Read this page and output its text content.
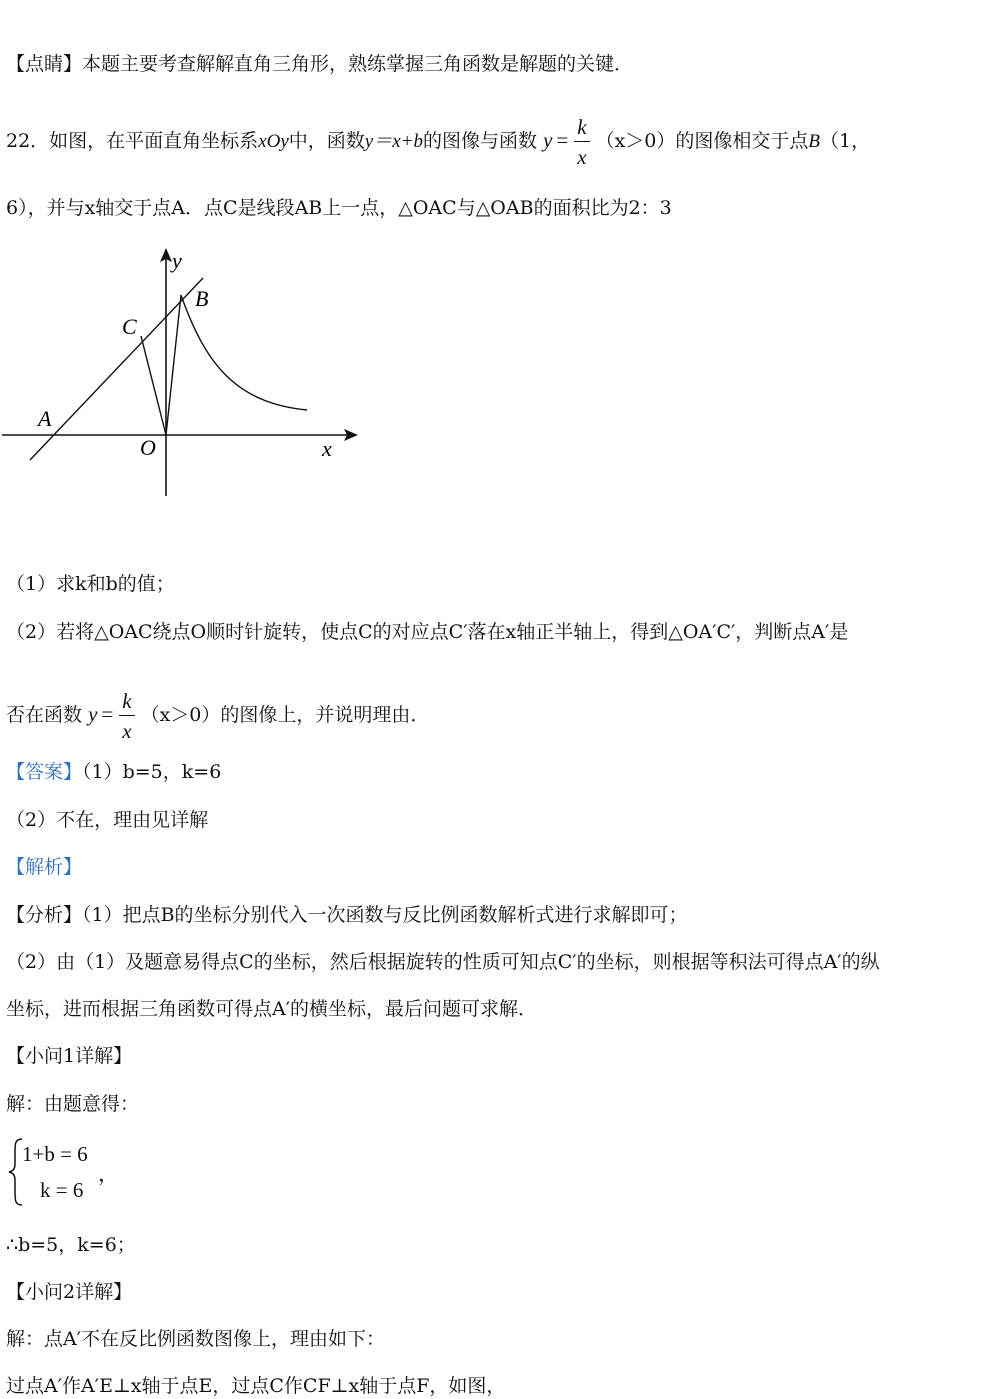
【点睛】本题主要考查解解直角三角形，熟练掌握三角函数是解题的关键．
22．如图，在平面直角坐标系xOy中，函数y＝x+b的图像与函数 $y = \frac{k}{x} (x>0)$的图像相交于点B（1，
6），并与x轴交于点A．点C是线段AB上一点，△OAC与△OAB的面积比为2：3
y
x
O
A
B
C
（1）求k和b的值；
（2）若将△OAC绕点O顺时针旋转，使点C的对应点C′落在x轴正半轴上，得到△OA′C′，判断点A′是
否在函数 $y = \frac{k}{x} (x>0)$的图像上，并说明理由．
【答案】（1）b=5，k=6
（2）不在，理由见详解
【解析】
【分析】（1）把点B的坐标分别代入一次函数与反比例函数解析式进行求解即可；
（2）由（1）及题意易得点C的坐标，然后根据旋转的性质可知点C′的坐标，则根据等积法可得点A′的纵
坐标，进而根据三角函数可得点A′的横坐标，最后问题可求解．
【小问1详解】
解：由题意得：
1+b = 6
k = 6
，
∴b=5，k=6；
【小问2详解】
解：点A′不在反比例函数图像上，理由如下：
过点A′作A′E⊥x轴于点E，过点C作CF⊥x轴于点F，如图，
